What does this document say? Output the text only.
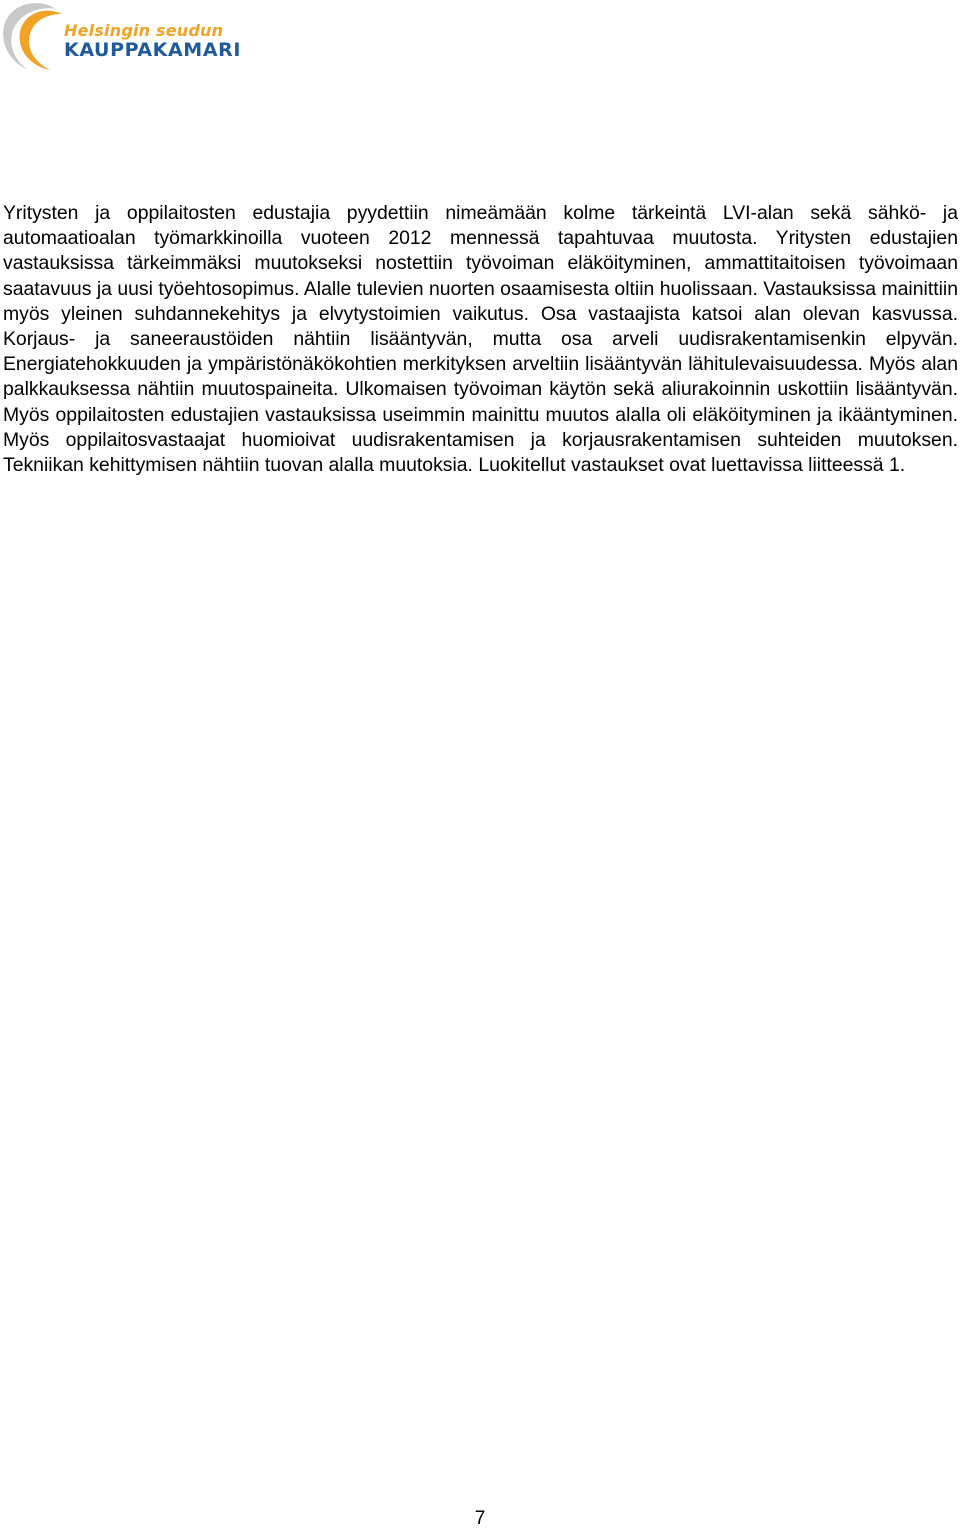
Helsingin seudun
KAUPPAKAMARI

Yritysten ja oppilaitosten edustajia pyydettiin nimeämään kolme tärkeintä LVI-alan sekä sähkö- ja automaatioalan työmarkkinoilla vuoteen 2012 mennessä tapahtuvaa muutosta. Yritysten edustajien vastauksissa tärkeimmäksi muutokseksi nostettiin työvoiman eläköityminen, ammattitaitoisen työvoimaan saatavuus ja uusi työehtosopimus. Alalle tulevien nuorten osaamisesta oltiin huolissaan. Vastauksissa mainittiin myös yleinen suhdannekehitys ja elvytystoimien vaikutus. Osa vastaajista katsoi alan olevan kasvussa. Korjaus- ja saneeraustöiden nähtiin lisääntyvän, mutta osa arveli uudisrakentamisenkin elpyvän. Energiatehokkuuden ja ympäristönäkökohtien merkityksen arveltiin lisääntyvän lähitulevaisuudessa. Myös alan palkkauksessa nähtiin muutospaineita. Ulkomaisen työvoiman käytön sekä aliurakoinnin uskottiin lisääntyvän. Myös oppilaitosten edustajien vastauksissa useimmin mainittu muutos alalla oli eläköityminen ja ikääntyminen. Myös oppilaitosvastaajat huomioivat uudisrakentamisen ja korjausrakentamisen suhteiden muutoksen. Tekniikan kehittymisen nähtiin tuovan alalla muutoksia. Luokitellut vastaukset ovat luettavissa liitteessä 1.

7
